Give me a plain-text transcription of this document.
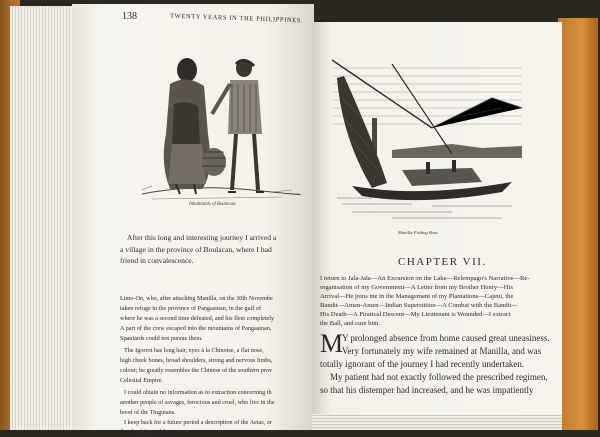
138	TWENTY YEARS IN THE PHILIPPINES.
Inhabitants of Boulacan.
After this long and interesting journey I arrived a
a village in the province of Boulacan, where I had
friend in convalescence.
Limo-On, who, after attacking Manilla, on the 30th Novembe
taken refuge in the province of Pangasinan, in the gulf of
where he was a second time defeated, and his fleet completely
A part of the crew escaped into the mountains of Pangasinan,
Spaniards could not pursue them.
The Igorrot has long hair, eyes à la Chinoise, a flat nose,
high cheek bones, broad shoulders, strong and nervous limbs,
colour; he greatly resembles the Chinese of the southern prov
Celestial Empire.
I could obtain no information as to extraction concerning th
another people of savages, ferocious and cruel, who live in the
hood of the Tinguians.
I keep back for a future period a description of the Aetas, or
the aborigines of Luzon.
Manilla Fishing Boat.
CHAPTER VII.
I return to Jala-Jala—An Excursion on the Lake—Relempago's Narrative—Re-
organisation of my Government—A Letter from my Brother Henry—His
Arrival—He joins me in the Management of my Plantations—Cajeui, the
Bandit—Amen-Amen—Indian Superstition—A Combat with the Bandit—
His Death—A Piratical Descent—My Lieutenant is Wounded—I extract
the Ball, and cure him.
M
Y prolonged absence from home caused great uneasiness.
Very fortunately my wife remained at Manilla, and was
totally ignorant of the journey I had recently undertaken.
My patient had not exactly followed the prescribed regimen,
so that his distemper had increased, and he was impatiently
